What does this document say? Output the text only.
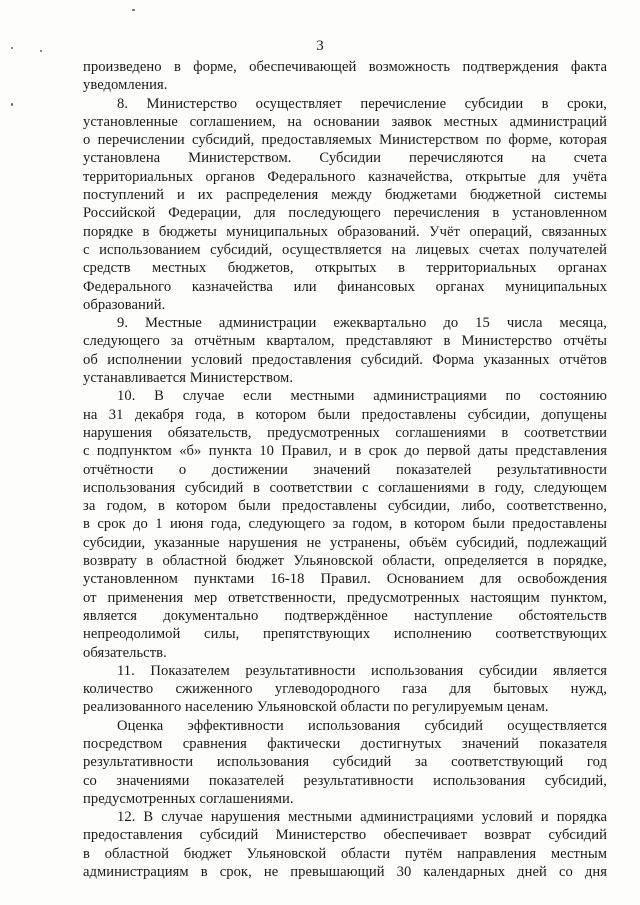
3
произведено в форме, обеспечивающей возможность подтверждения факта
уведомления.
8. Министерство осуществляет перечисление субсидии в сроки,
установленные соглашением, на основании заявок местных администраций
о перечислении субсидий, предоставляемых Министерством по форме, которая
установлена Министерством. Субсидии перечисляются на счета
территориальных органов Федерального казначейства, открытые для учёта
поступлений и их распределения между бюджетами бюджетной системы
Российской Федерации, для последующего перечисления в установленном
порядке в бюджеты муниципальных образований. Учёт операций, связанных
с использованием субсидий, осуществляется на лицевых счетах получателей
средств местных бюджетов, открытых в территориальных органах
Федерального казначейства или финансовых органах муниципальных
образований.
9. Местные администрации ежеквартально до 15 числа месяца,
следующего за отчётным кварталом, представляют в Министерство отчёты
об исполнении условий предоставления субсидий. Форма указанных отчётов
устанавливается Министерством.
10. В случае если местными администрациями по состоянию
на 31 декабря года, в котором были предоставлены субсидии, допущены
нарушения обязательств, предусмотренных соглашениями в соответствии
с подпунктом «б» пункта 10 Правил, и в срок до первой даты представления
отчётности о достижении значений показателей результативности
использования субсидий в соответствии с соглашениями в году, следующем
за годом, в котором были предоставлены субсидии, либо, соответственно,
в срок до 1 июня года, следующего за годом, в котором были предоставлены
субсидии, указанные нарушения не устранены, объём субсидий, подлежащий
возврату в областной бюджет Ульяновской области, определяется в порядке,
установленном пунктами 16-18 Правил. Основанием для освобождения
от применения мер ответственности, предусмотренных настоящим пунктом,
является документально подтверждённое наступление обстоятельств
непреодолимой силы, препятствующих исполнению соответствующих
обязательств.
11. Показателем результативности использования субсидии является
количество сжиженного углеводородного газа для бытовых нужд,
реализованного населению Ульяновской области по регулируемым ценам.
Оценка эффективности использования субсидий осуществляется
посредством сравнения фактически достигнутых значений показателя
результативности использования субсидий за соответствующий год
со значениями показателей результативности использования субсидий,
предусмотренных соглашениями.
12. В случае нарушения местными администрациями условий и порядка
предоставления субсидий Министерство обеспечивает возврат субсидий
в областной бюджет Ульяновской области путём направления местным
администрациям в срок, не превышающий 30 календарных дней со дня
